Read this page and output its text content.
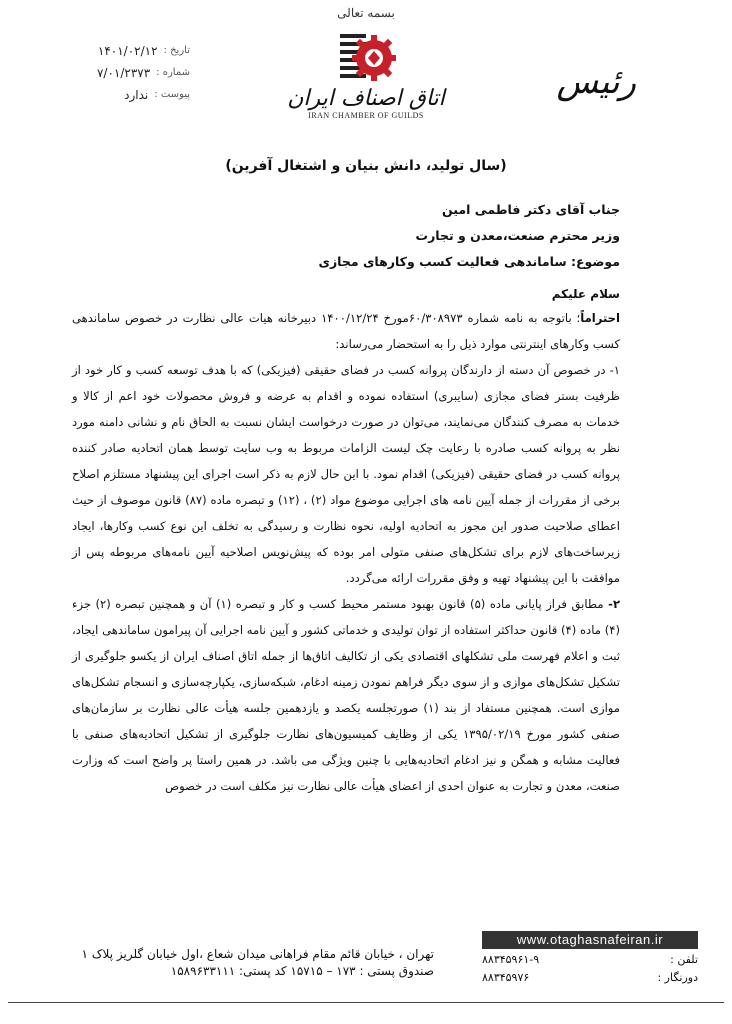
تاریخ :
۱۴۰۱/۰۲/۱۲
شماره :
۷/۰۱/۲۳۷۳
پیوست :
ندارد
بسمه تعالی
اتاق اصناف ایران
IRAN CHAMBER OF GUILDS
رئیس
(سال تولید، دانش بنیان و اشتغال آفرین)
جناب آقای دکتر فاطمی امین
وزیر محترم صنعت،معدن و تجارت
موضوع: ساماندهی فعالیت کسب وکارهای مجازی
سلام علیکم

احتراماً؛ باتوجه به نامه شماره ۶۰/۳۰۸۹۷۳مورخ ۱۴۰۰/۱۲/۲۴ دبیرخانه هیات عالی نظارت در خصوص ساماندهی کسب وکارهای اینترنتی موارد ذیل را به استحضار می‌رساند:

۱- در خصوص آن دسته از دارندگان پروانه کسب در فضای حقیقی (فیزیکی) که با هدف توسعه کسب و کار خود از ظرفیت بستر فضای مجازی (سایبری) استفاده نموده و اقدام به عرضه و فروش محصولات خود اعم از کالا و خدمات به مصرف کنندگان می‌نمایند، می‌توان در صورت درخواست ایشان نسبت به الحاق نام و نشانی دامنه مورد نظر به پروانه کسب صادره با رعایت چک لیست الزامات مربوط به وب سایت توسط همان اتحادیه صادر کننده پروانه کسب در فضای حقیقی (فیزیکی) اقدام نمود. با این حال لازم به ذکر است اجرای این پیشنهاد مستلزم اصلاح برخی از مقررات از جمله آیین نامه های اجرایی موضوع مواد (۲) ، (۱۲) و تبصره ماده (۸۷) قانون موصوف از حیث اعطای صلاحیت صدور این مجوز به اتحادیه اولیه، نحوه نظارت و رسیدگی به تخلف این نوع کسب وکارها، ایجاد زیرساخت‌های لازم برای تشکل‌های صنفی متولی امر بوده که پیش‌نویس اصلاحیه آیین نامه‌های مربوطه پس از موافقت با این پیشنهاد تهیه و وفق مقررات ارائه می‌گردد.

۲- مطابق فراز پایانی ماده (۵) قانون بهبود مستمر محیط کسب و کار و تبصره (۱) آن و همچنین تبصره (۲) جزء (۴) ماده (۴) قانون حداکثر استفاده از توان تولیدی و خدماتی کشور و آیین نامه اجرایی آن پیرامون ساماندهی ایجاد، ثبت و اعلام فهرست ملی تشکلهای اقتصادی یکی از تکالیف اتاق‌ها از جمله اتاق اصناف ایران از یکسو جلوگیری از تشکیل تشکل‌های موازی و از سوی دیگر فراهم نمودن زمینه ادغام، شبکه‌سازی، یکپارچه‌سازی و انسجام تشکل‌های موازی است. همچنین مستفاد از بند (۱) صورتجلسه یکصد و یازدهمین جلسه هیأت عالی نظارت بر سازمان‌های صنفی کشور مورخ ۱۳۹۵/۰۲/۱۹ یکی از وظایف کمیسیون‌های نظارت جلوگیری از تشکیل اتحادیه‌های صنفی با فعالیت مشابه و همگن و نیز ادغام اتحادیه‌هایی با چنین ویژگی می باشد. در همین راستا پر واضح است که وزارت صنعت، معدن و تجارت به عنوان احدی از اعضای هیأت عالی نظارت نیز مکلف است در خصوص

تهران ، خیابان قائم مقام فراهانی میدان شعاع ،اول خیابان گلریز پلاک ۱
صندوق پستی : ۱۷۳ – ۱۵۷۱۵ کد پستی: ۱۵۸۹۶۳۳۱۱۱
www.otaghasnafeiran.ir
تلفن :
۸۸۳۴۵۹۶۱-۹
دورنگار :
۸۸۳۴۵۹۷۶
